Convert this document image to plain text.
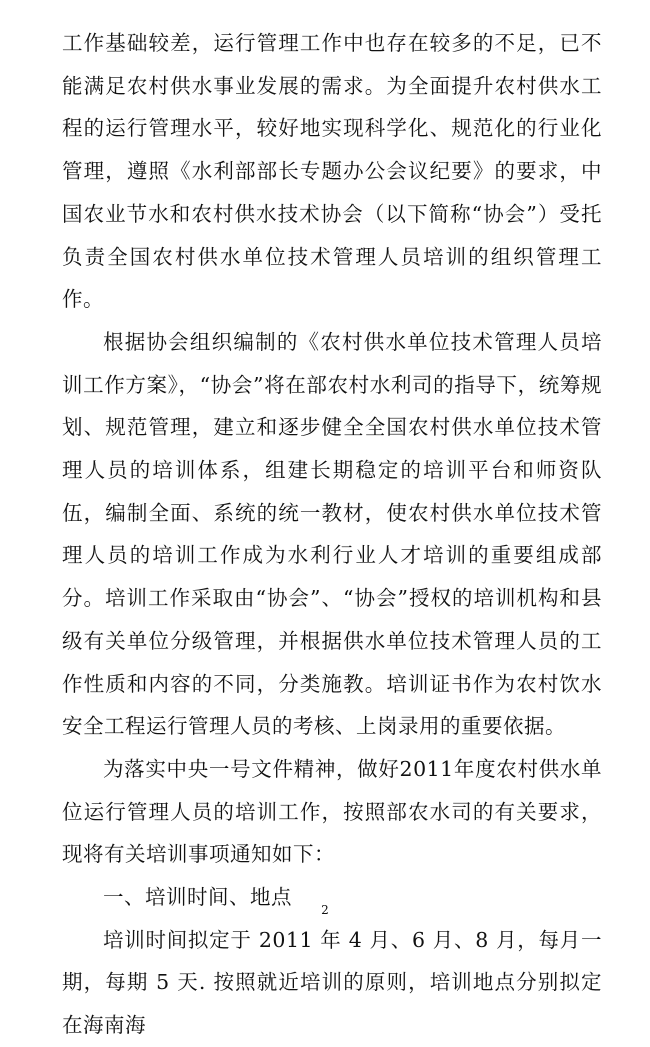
工作基础较差，运行管理工作中也存在较多的不足，已不能满足农村供水事业发展的需求。为全面提升农村供水工程的运行管理水平，较好地实现科学化、规范化的行业化管理，遵照《水利部部长专题办公会议纪要》的要求，中国农业节水和农村供水技术协会（以下简称“协会”）受托负责全国农村供水单位技术管理人员培训的组织管理工作。

根据协会组织编制的《农村供水单位技术管理人员培训工作方案》，“协会”将在部农村水利司的指导下，统筹规划、规范管理，建立和逐步健全全国农村供水单位技术管理人员的培训体系，组建长期稳定的培训平台和师资队伍，编制全面、系统的统一教材，使农村供水单位技术管理人员的培训工作成为水利行业人才培训的重要组成部分。培训工作采取由“协会”、“协会”授权的培训机构和县级有关单位分级管理，并根据供水单位技术管理人员的工作性质和内容的不同，分类施教。培训证书作为农村饮水安全工程运行管理人员的考核、上岗录用的重要依据。

为落实中央一号文件精神，做好2011年度农村供水单位运行管理人员的培训工作，按照部农水司的有关要求，现将有关培训事项通知如下：

一、培训时间、地点

培训时间拟定于 2011 年 4 月、6 月、8 月，每月一期，每期 5 天. 按照就近培训的原则，培训地点分别拟定在海南海

2
